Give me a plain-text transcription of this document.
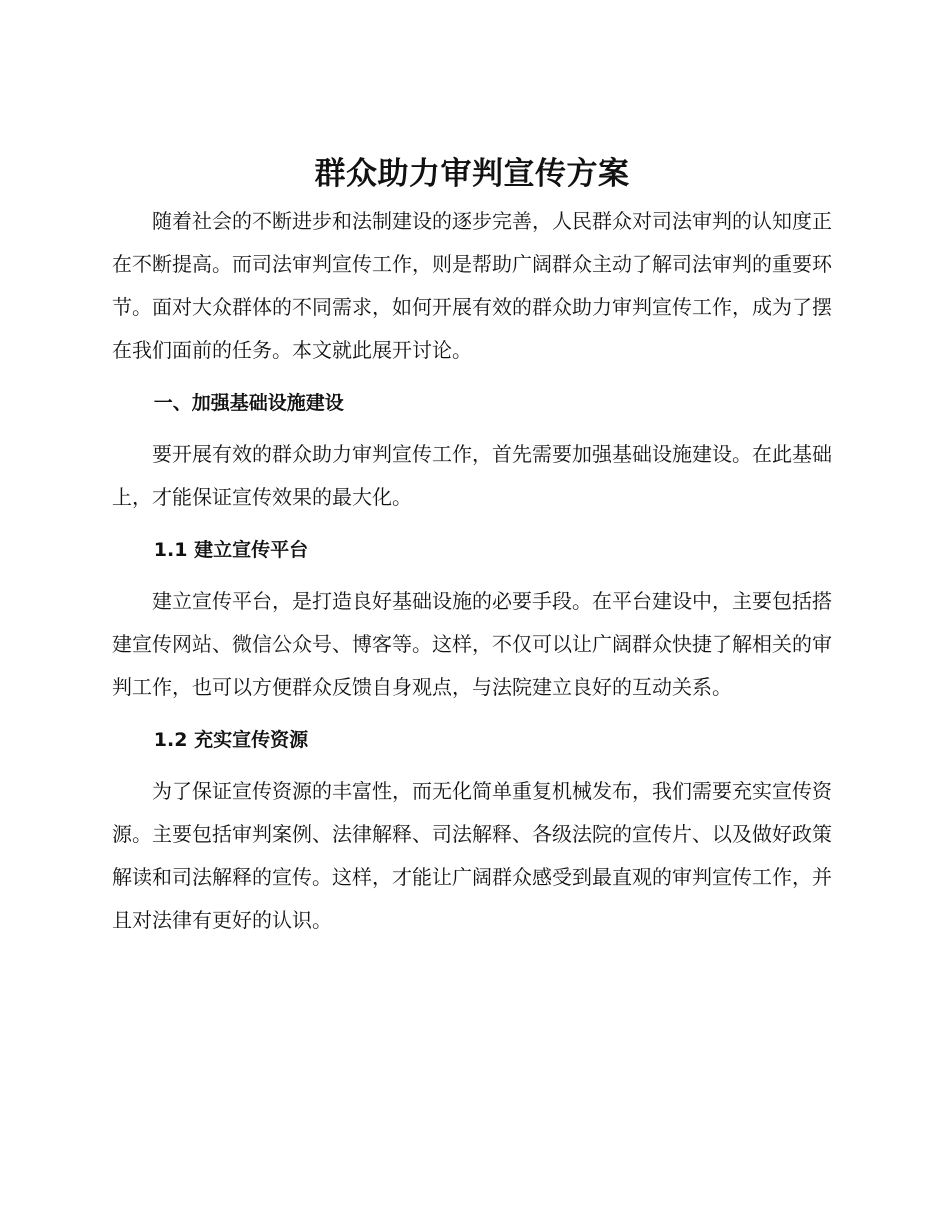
群众助力审判宣传方案

随着社会的不断进步和法制建设的逐步完善，人民群众对司法审判的认知度正在不断提高。而司法审判宣传工作，则是帮助广阔群众主动了解司法审判的重要环节。面对大众群体的不同需求，如何开展有效的群众助力审判宣传工作，成为了摆在我们面前的任务。本文就此展开讨论。

一、加强基础设施建设

要开展有效的群众助力审判宣传工作，首先需要加强基础设施建设。在此基础上，才能保证宣传效果的最大化。

1.1 建立宣传平台

建立宣传平台，是打造良好基础设施的必要手段。在平台建设中，主要包括搭建宣传网站、微信公众号、博客等。这样，不仅可以让广阔群众快捷了解相关的审判工作，也可以方便群众反馈自身观点，与法院建立良好的互动关系。

1.2 充实宣传资源

为了保证宣传资源的丰富性，而无化简单重复机械发布，我们需要充实宣传资源。主要包括审判案例、法律解释、司法解释、各级法院的宣传片、以及做好政策解读和司法解释的宣传。这样，才能让广阔群众感受到最直观的审判宣传工作，并且对法律有更好的认识。
